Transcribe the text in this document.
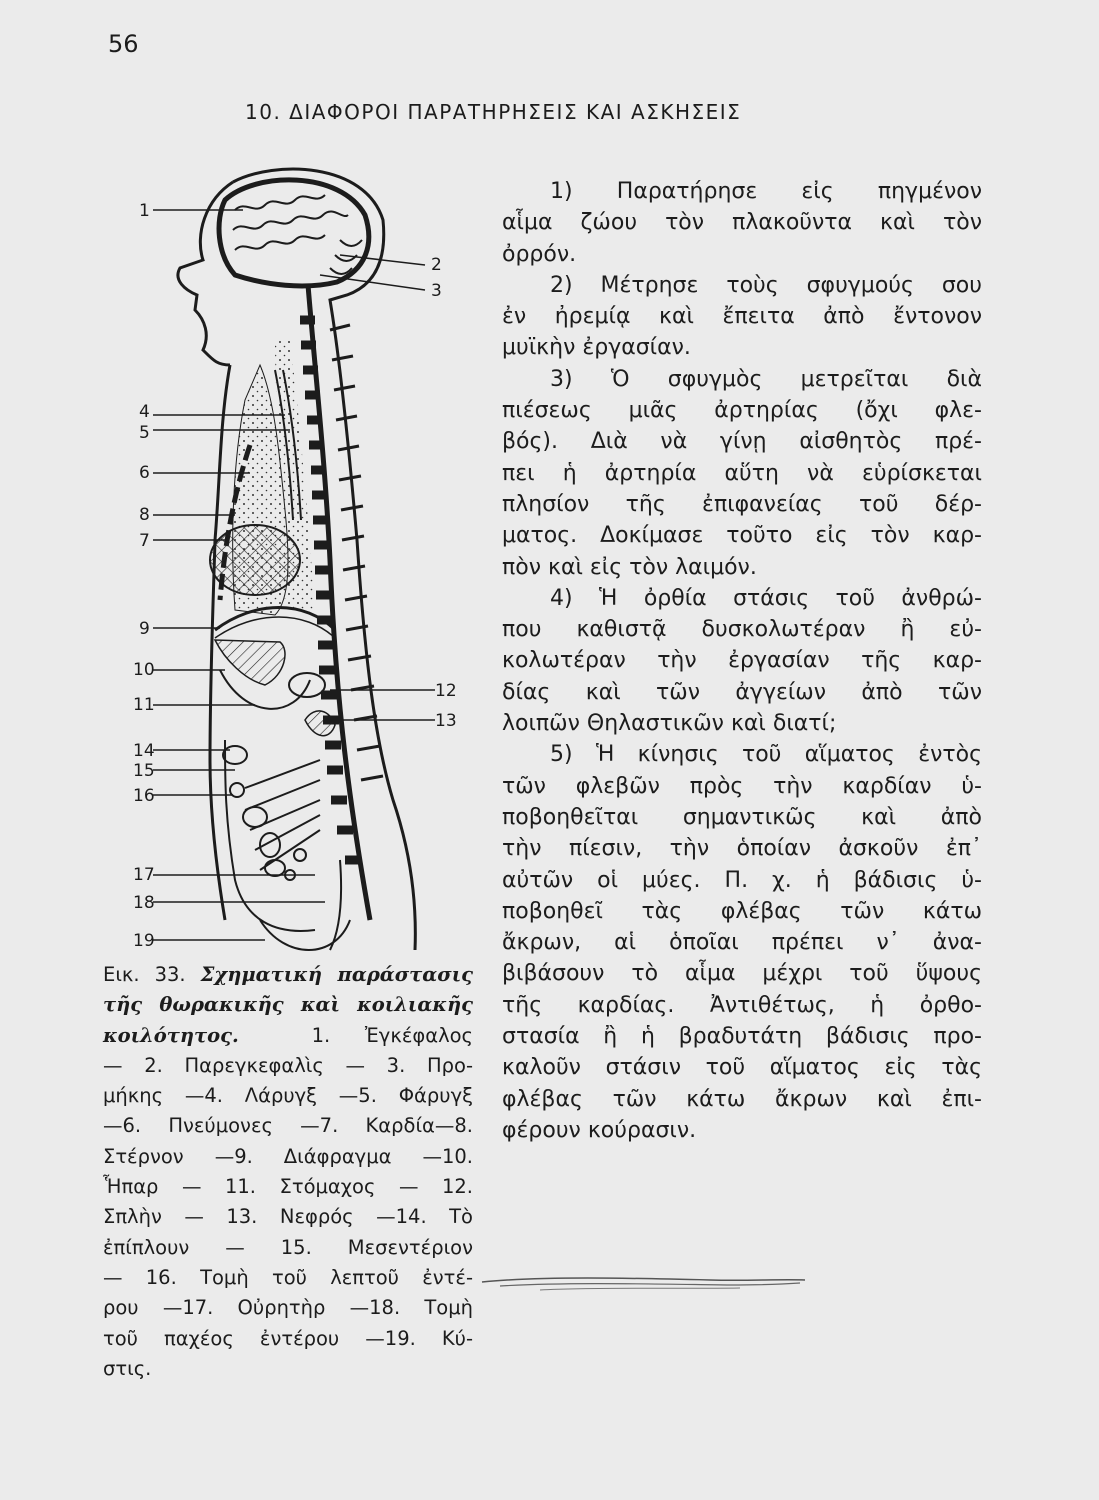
56
10. ΔΙΑΦΟΡΟΙ ΠΑΡΑΤΗΡΗΣΕΙΣ ΚΑΙ ΑΣΚΗΣΕΙΣ
1
4
5
6
8
7
9
10
11
14
15
16
17
18
19
2
3
12
13
Εικ. 33. Σχηματική παράστασις
τῆς θωρακικῆς καὶ κοιλιακῆς
κοιλότητος.	1. Ἐγκέφαλος
— 2. Παρεγκεφαλὶς — 3. Προ-
μήκης —4. Λάρυγξ —5. Φάρυγξ
—6. Πνεύμονες —7. Καρδία—8.
Στέρνον —9. Διάφραγμα —10.
Ἧπαρ — 11. Στόμαχος — 12.
Σπλὴν — 13. Νεφρός —14. Τὸ
ἐπίπλουν — 15. Μεσεντέριον
— 16. Τομὴ τοῦ λεπτοῦ ἐντέ-
ρου —17. Οὐρητὴρ —18. Τομὴ
τοῦ παχέος ἐντέρου —19. Κύ-
στις.
1) Παρατήρησε εἰς πηγμένον
αἷμα ζώου τὸν πλακοῦντα καὶ τὸν
ὀρρόν.
2) Μέτρησε τοὺς σφυγμούς σου
ἐν ἠρεμίᾳ καὶ ἔπειτα ἀπὸ ἔντονον
μυϊκὴν ἐργασίαν.
3) Ὁ σφυγμὸς μετρεῖται διὰ
πιέσεως μιᾶς ἀρτηρίας (ὄχι φλε-
βός). Διὰ νὰ γίνῃ αἰσθητὸς πρέ-
πει ἡ ἀρτηρία αὕτη νὰ εὑρίσκεται
πλησίον τῆς ἐπιφανείας τοῦ δέρ-
ματος. Δοκίμασε τοῦτο εἰς τὸν καρ-
πὸν καὶ εἰς τὸν λαιμόν.
4) Ἡ ὀρθία στάσις τοῦ ἀνθρώ-
που καθιστᾷ δυσκολωτέραν ἢ εὐ-
κολωτέραν τὴν ἐργασίαν τῆς καρ-
δίας καὶ τῶν ἀγγείων ἀπὸ τῶν
λοιπῶν Θηλαστικῶν καὶ διατί;
5) Ἡ κίνησις τοῦ αἵματος ἐντὸς
τῶν φλεβῶν πρὸς τὴν καρδίαν ὑ-
ποβοηθεῖται σημαντικῶς καὶ ἀπὸ
τὴν πίεσιν, τὴν ὁποίαν ἀσκοῦν ἐπ᾽
αὐτῶν οἱ μύες. Π. χ. ἡ βάδισις ὑ-
ποβοηθεῖ τὰς φλέβας τῶν κάτω
ἄκρων, αἱ ὁποῖαι πρέπει ν᾽ ἀνα-
βιβάσουν τὸ αἷμα μέχρι τοῦ ὕψους
τῆς καρδίας. Ἀντιθέτως, ἡ ὀρθο-
στασία ἢ ἡ βραδυτάτη βάδισις προ-
καλοῦν στάσιν τοῦ αἵματος εἰς τὰς
φλέβας τῶν κάτω ἄκρων καὶ ἐπι-
φέρουν κούρασιν.
